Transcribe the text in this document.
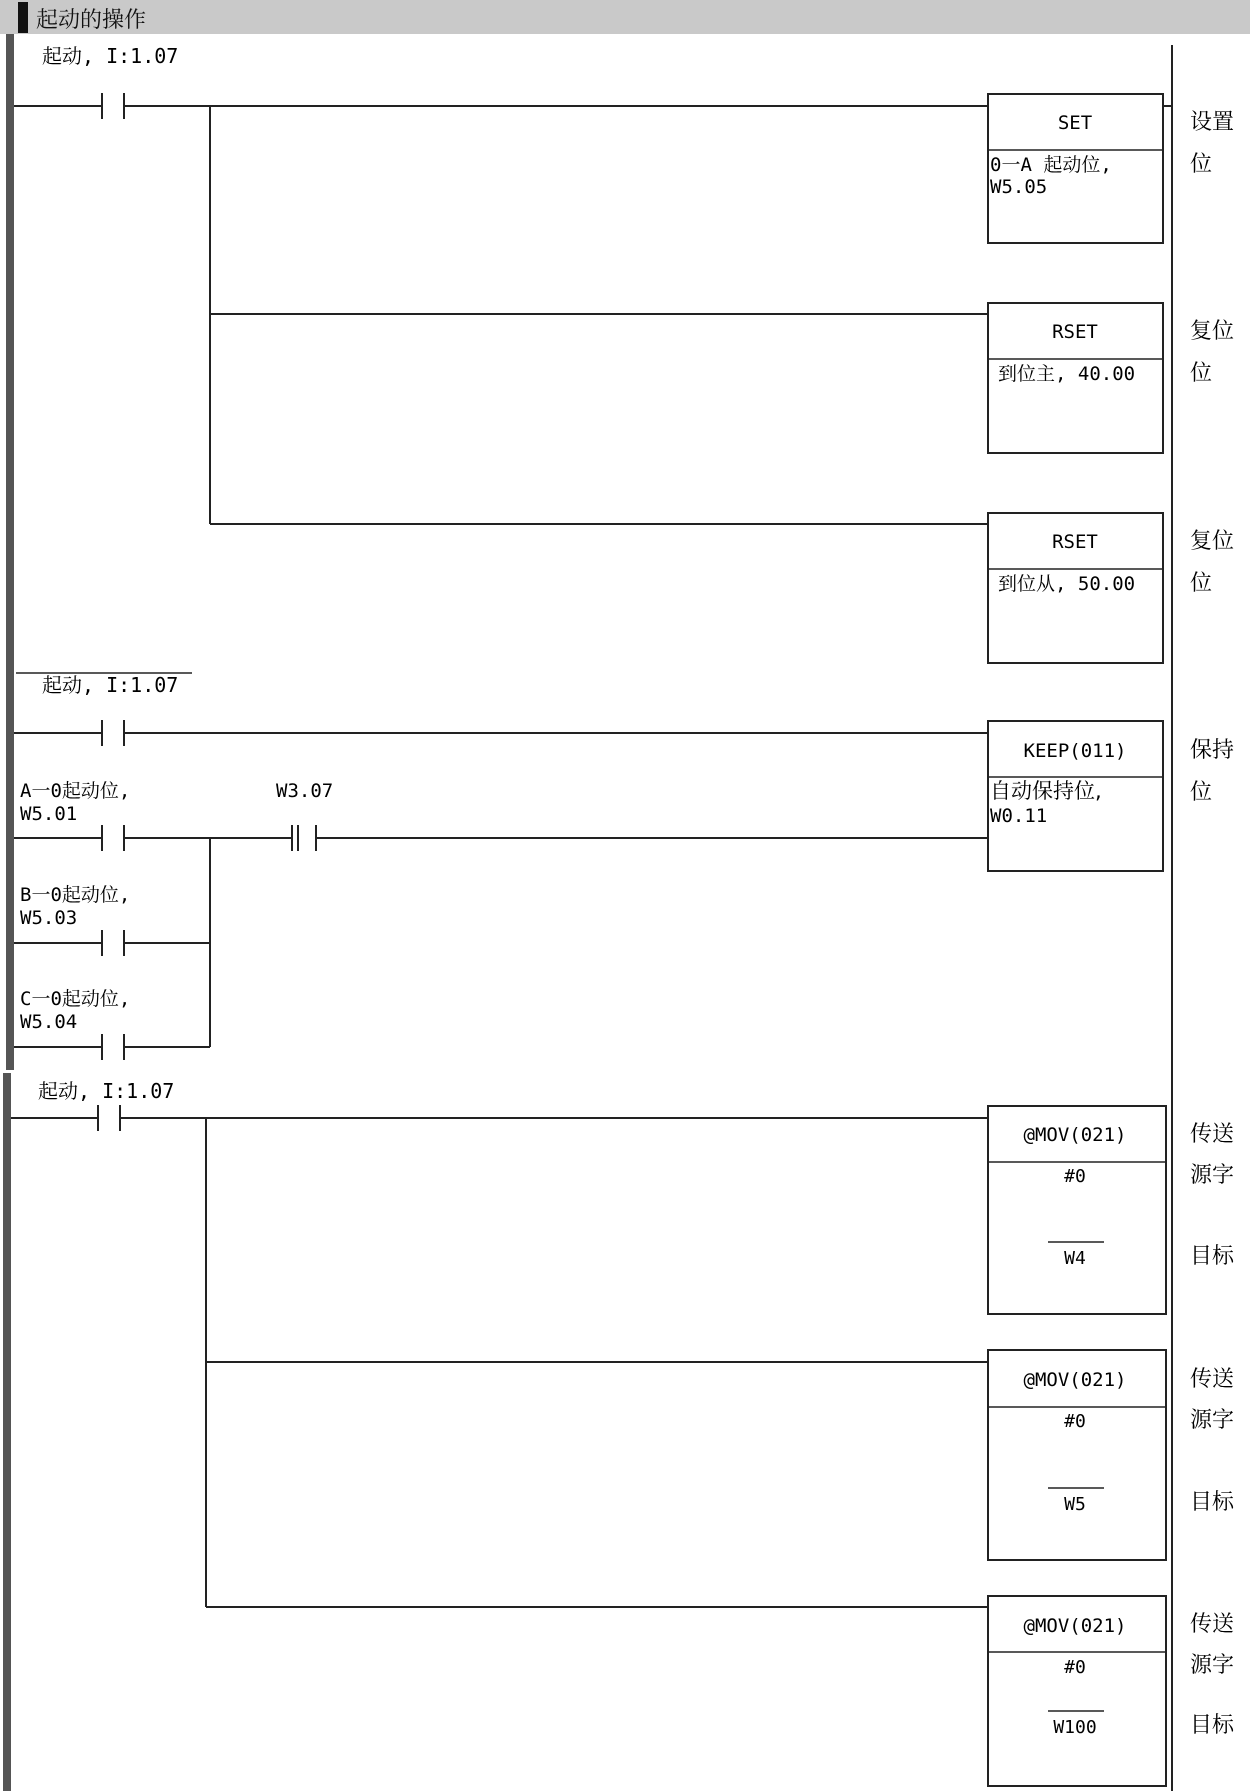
起动的操作
起动, I:1.07
SET
0一A 起动位,
W5.05
设置
位
RSET
到位主, 40.00
复位
位
RSET
到位从, 50.00
复位
位
起动, I:1.07
A一0起动位,
W5.01
W3.07
B一0起动位,
W5.03
C一0起动位,
W5.04
KEEP(011)
自动保持位,
W0.11
保持
位
起动, I:1.07
@MOV(021)
#0
W4
传送
源字
目标
@MOV(021)
#0
W5
传送
源字
目标
@MOV(021)
#0
W100
传送
源字
目标
